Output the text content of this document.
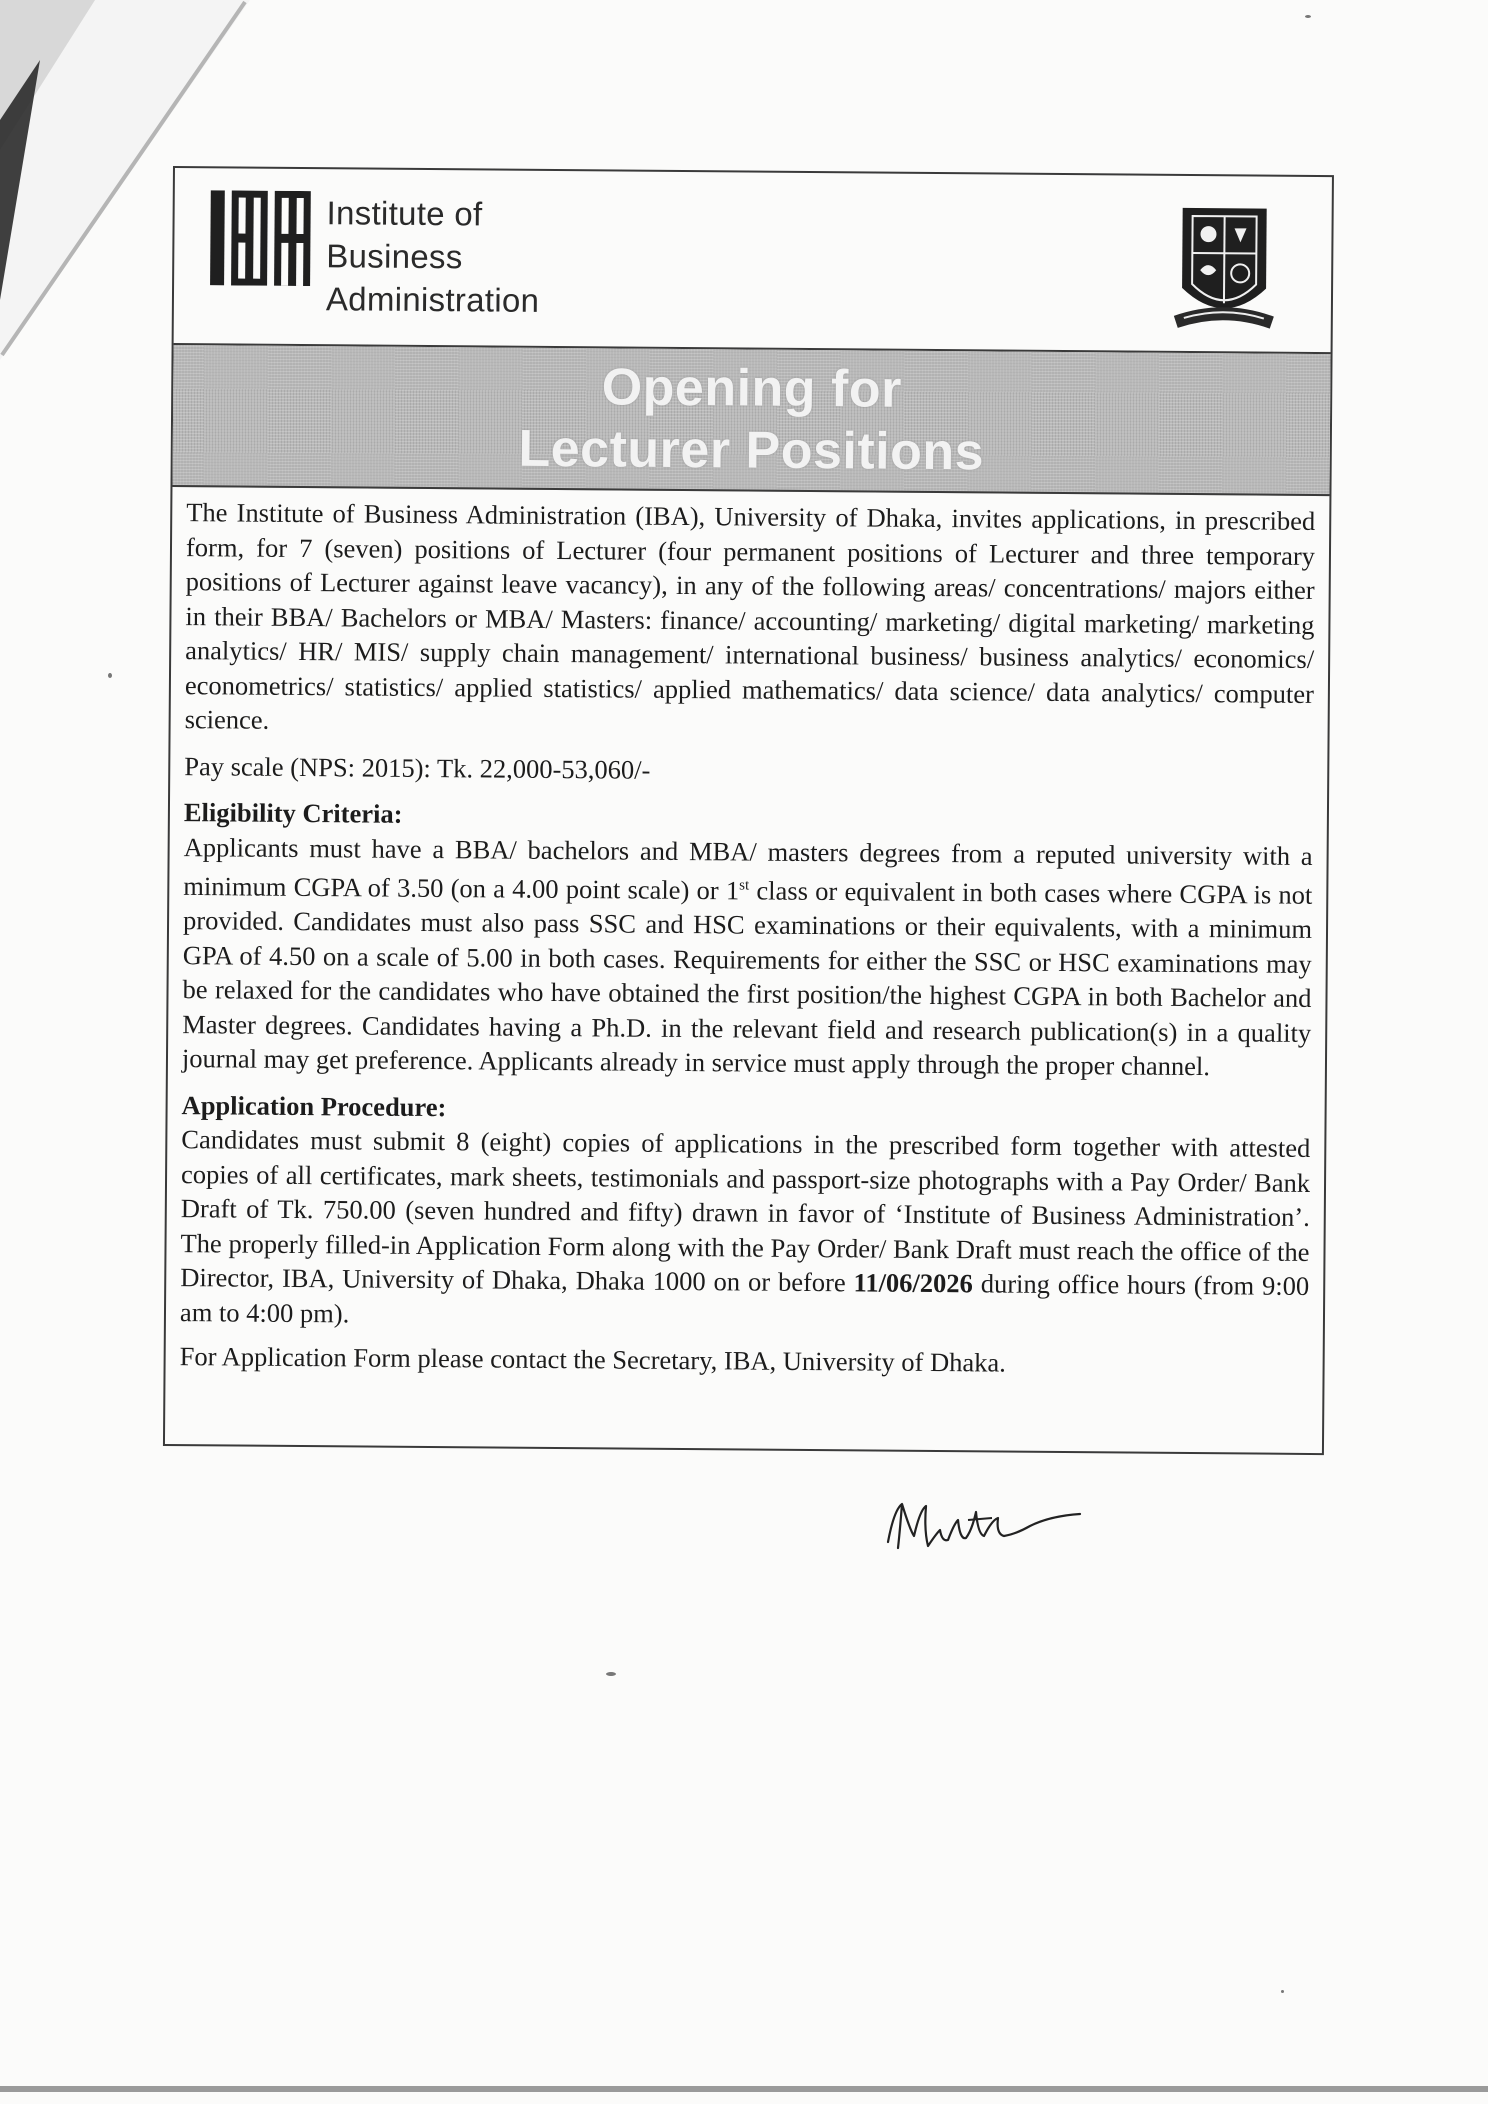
Institute of
Business
Administration
Opening for
Lecturer Positions

The Institute of Business Administration (IBA), University of Dhaka, invites applications, in prescribed form, for 7 (seven) positions of Lecturer (four permanent positions of Lecturer and three temporary positions of Lecturer against leave vacancy), in any of the following areas/ concentrations/ majors either in their BBA/ Bachelors or MBA/ Masters: finance/ accounting/ marketing/ digital marketing/ marketing analytics/ HR/ MIS/ supply chain management/ international business/ business analytics/ economics/ econometrics/ statistics/ applied statistics/ applied mathematics/ data science/ data analytics/ computer science.

Pay scale (NPS: 2015): Tk. 22,000-53,060/-

Eligibility Criteria:
Applicants must have a BBA/ bachelors and MBA/ masters degrees from a reputed university with a minimum CGPA of 3.50 (on a 4.00 point scale) or 1st class or equivalent in both cases where CGPA is not provided. Candidates must also pass SSC and HSC examinations or their equivalents, with a minimum GPA of 4.50 on a scale of 5.00 in both cases. Requirements for either the SSC or HSC examinations may be relaxed for the candidates who have obtained the first position/the highest CGPA in both Bachelor and Master degrees. Candidates having a Ph.D. in the relevant field and research publication(s) in a quality journal may get preference. Applicants already in service must apply through the proper channel.

Application Procedure:
Candidates must submit 8 (eight) copies of applications in the prescribed form together with attested copies of all certificates, mark sheets, testimonials and passport-size photographs with a Pay Order/ Bank Draft of Tk. 750.00 (seven hundred and fifty) drawn in favor of ‘Institute of Business Administration’. The properly filled-in Application Form along with the Pay Order/ Bank Draft must reach the office of the Director, IBA, University of Dhaka, Dhaka 1000 on or before 11/06/2026 during office hours (from 9:00 am to 4:00 pm).

For Application Form please contact the Secretary, IBA, University of Dhaka.
